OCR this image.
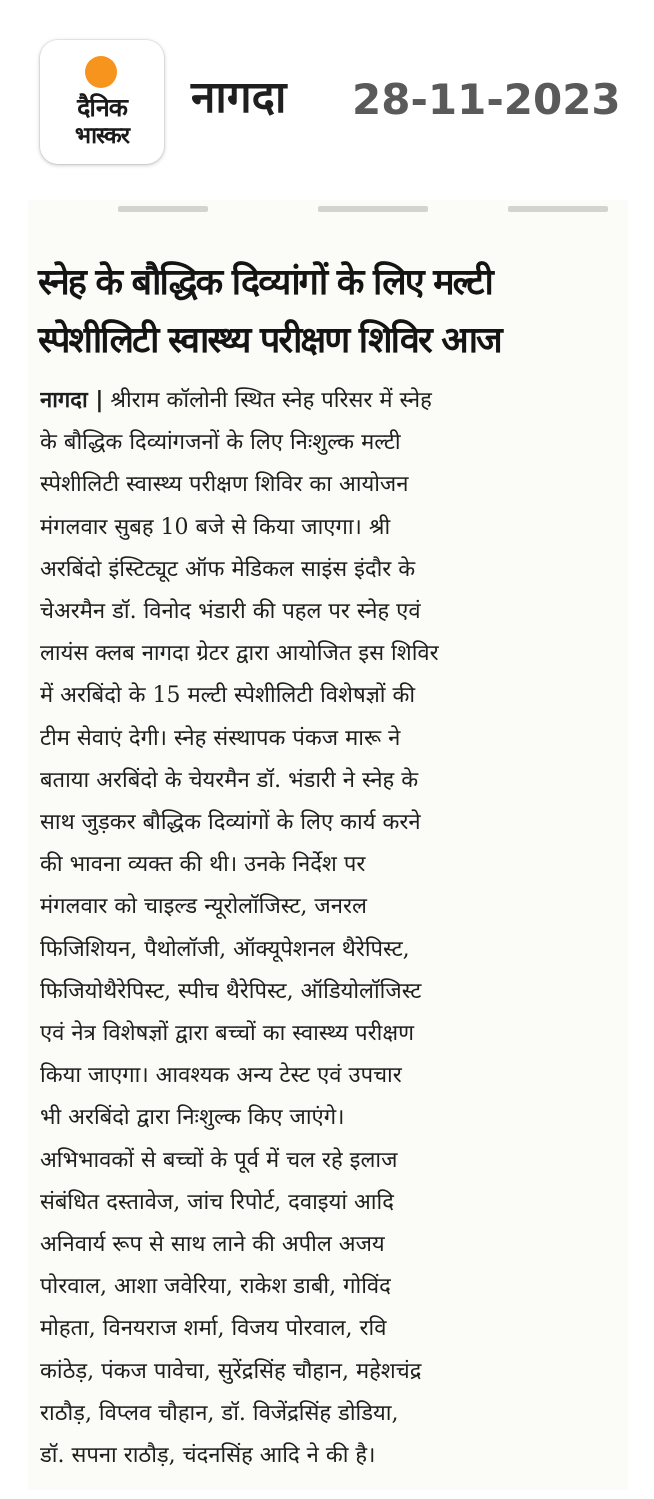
दैनिक
भास्कर
नागदा 28-11-2023
स्नेह के बौद्धिक दिव्यांगों के लिए मल्टी
स्पेशीलिटी स्वास्थ्य परीक्षण शिविर आज
नागदा | श्रीराम कॉलोनी स्थित स्नेह परिसर में स्नेह
के बौद्धिक दिव्यांगजनों के लिए निःशुल्क मल्टी
स्पेशीलिटी स्वास्थ्य परीक्षण शिविर का आयोजन
मंगलवार सुबह 10 बजे से किया जाएगा। श्री
अरबिंदो इंस्टिट्यूट ऑफ मेडिकल साइंस इंदौर के
चेअरमैन डॉ. विनोद भंडारी की पहल पर स्नेह एवं
लायंस क्लब नागदा ग्रेटर द्वारा आयोजित इस शिविर
में अरबिंदो के 15 मल्टी स्पेशीलिटी विशेषज्ञों की
टीम सेवाएं देगी। स्नेह संस्थापक पंकज मारू ने
बताया अरबिंदो के चेयरमैन डॉ. भंडारी ने स्नेह के
साथ जुड़कर बौद्धिक दिव्यांगों के लिए कार्य करने
की भावना व्यक्त की थी। उनके निर्देश पर
मंगलवार को चाइल्ड न्यूरोलॉजिस्ट, जनरल
फिजिशियन, पैथोलॉजी, ऑक्यूपेशनल थैरेपिस्ट,
फिजियोथैरेपिस्ट, स्पीच थैरेपिस्ट, ऑडियोलॉजिस्ट
एवं नेत्र विशेषज्ञों द्वारा बच्चों का स्वास्थ्य परीक्षण
किया जाएगा। आवश्यक अन्य टेस्ट एवं उपचार
भी अरबिंदो द्वारा निःशुल्क किए जाएंगे।
अभिभावकों से बच्चों के पूर्व में चल रहे इलाज
संबंधित दस्तावेज, जांच रिपोर्ट, दवाइयां आदि
अनिवार्य रूप से साथ लाने की अपील अजय
पोरवाल, आशा जवेरिया, राकेश डाबी, गोविंद
मोहता, विनयराज शर्मा, विजय पोरवाल, रवि
कांठेड़, पंकज पावेचा, सुरेंद्रसिंह चौहान, महेशचंद्र
राठौड़, विप्लव चौहान, डॉ. विजेंद्रसिंह डोडिया,
डॉ. सपना राठौड़, चंदनसिंह आदि ने की है।
